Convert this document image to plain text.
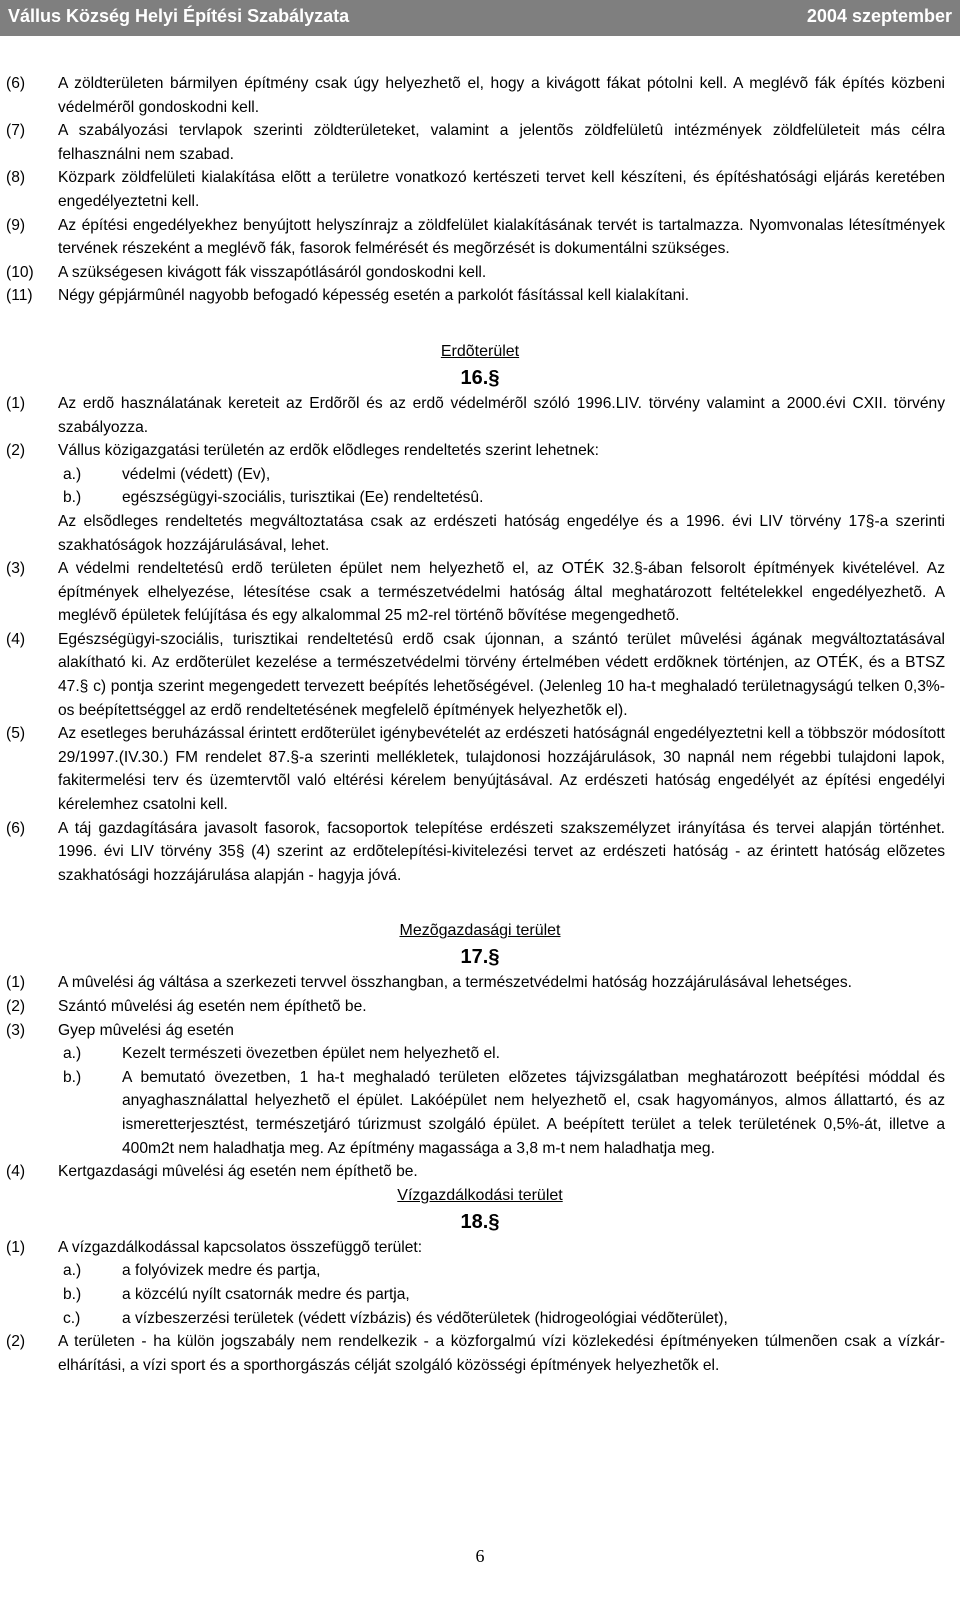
Vállus Község Helyi Építési Szabályzata	2004 szeptember
(6) A zöldterületen bármilyen építmény csak úgy helyezhetõ el, hogy a kivágott fákat pótolni kell. A meglévõ fák építés közbeni védelmérõl gondoskodni kell.
(7) A szabályozási tervlapok szerinti zöldterületeket, valamint a jelentõs zöldfelületû intézmények zöldfelületeit más célra felhasználni nem szabad.
(8) Közpark zöldfelületi kialakítása elõtt a területre vonatkozó kertészeti tervet kell készíteni, és építéshatósági eljárás keretében engedélyeztetni kell.
(9) Az építési engedélyekhez benyújtott helyszínrajz a zöldfelület kialakításának tervét is tartalmazza. Nyomvonalas létesítmények tervének részeként a meglévõ fák, fasorok felmérését és megõrzését is dokumentálni szükséges.
(10) A szükségesen kivágott fák visszapótlásáról gondoskodni kell.
(11) Négy gépjármûnél nagyobb befogadó képesség esetén a parkolót fásítással kell kialakítani.
Erdõterület
16.§
(1) Az erdõ használatának kereteit az Erdõrõl és az erdõ védelmérõl szóló 1996.LIV. törvény valamint a 2000.évi CXII. törvény szabályozza.
(2) Vállus közigazgatási területén az erdõk elõdleges rendeltetés szerint lehetnek:
a.)	védelmi (védett) (Ev),
b.)	egészségügyi-szociális, turisztikai (Ee) rendeltetésû.
Az elsõdleges rendeltetés megváltoztatása csak az erdészeti hatóság engedélye és a 1996. évi LIV törvény 17§-a szerinti szakhatóságok hozzájárulásával, lehet.
(3) A védelmi rendeltetésû erdõ területen épület nem helyezhetõ el, az OTÉK 32.§-ában felsorolt építmények kivételével. Az építmények elhelyezése, létesítése csak a természetvédelmi hatóság által meghatározott feltételekkel engedélyezhetõ. A meglévõ épületek felújítása és egy alkalommal 25 m2-rel történõ bõvítése megengedhetõ.
(4) Egészségügyi-szociális, turisztikai rendeltetésû erdõ csak újonnan, a szántó terület mûvelési ágának megváltoztatásával alakítható ki. Az erdõterület kezelése a természetvédelmi törvény értelmében védett erdõknek történjen, az OTÉK, és a BTSZ 47.§ c) pontja szerint megengedett tervezett beépítés lehetõségével. (Jelenleg 10 ha-t meghaladó területnagyságú telken 0,3%-os beépítettséggel az erdõ rendeltetésének megfelelõ építmények helyezhetõk el).
(5) Az esetleges beruházással érintett erdõterület igénybevételét az erdészeti hatóságnál engedélyeztetni kell a többször módosított 29/1997.(IV.30.) FM rendelet 87.§-a szerinti mellékletek, tulajdonosi hozzájárulások, 30 napnál nem régebbi tulajdoni lapok, fakitermelési terv és üzemtervtõl való eltérési kérelem benyújtásával. Az erdészeti hatóság engedélyét az építési engedélyi kérelemhez csatolni kell.
(6) A táj gazdagítására javasolt fasorok, facsoportok telepítése erdészeti szakszemélyzet irányítása és tervei alapján történhet. 1996. évi LIV törvény 35§ (4) szerint az erdõtelepítési-kivitelezési tervet az erdészeti hatóság - az érintett hatóság elõzetes szakhatósági hozzájárulása alapján - hagyja jóvá.
Mezõgazdasági terület
17.§
(1) A mûvelési ág váltása a szerkezeti tervvel összhangban, a természetvédelmi hatóság hozzájárulásával lehetséges.
(2) Szántó mûvelési ág esetén nem építhetõ be.
(3) Gyep mûvelési ág esetén
a.)	Kezelt természeti övezetben épület nem helyezhetõ el.
b.)	A bemutató övezetben, 1 ha-t meghaladó területen elõzetes tájvizsgálatban meghatározott beépítési móddal és anyaghasználattal helyezhetõ el épület. Lakóépület nem helyezhetõ el, csak hagyományos, almos állattartó, és az ismeretterjesztést, természetjáró túrizmust szolgáló épület. A beépített terület a telek területének 0,5%-át, illetve a 400m2t nem haladhatja meg. Az építmény magassága a 3,8 m-t nem haladhatja meg.
(4) Kertgazdasági mûvelési ág esetén nem építhetõ be.
Vízgazdálkodási terület
18.§
(1) A vízgazdálkodással kapcsolatos összefüggõ terület:
a.)	a folyóvizek medre és partja,
b.)	a közcélú nyílt csatornák medre és partja,
c.)	a vízbeszerzési területek (védett vízbázis) és védõterületek (hidrogeológiai védõterület),
(2) A területen - ha külön jogszabály nem rendelkezik - a közforgalmú vízi közlekedési építményeken túlmenõen csak a vízkár-elhárítási, a vízi sport és a sporthorgászás célját szolgáló közösségi építmények helyezhetõk el.
6
